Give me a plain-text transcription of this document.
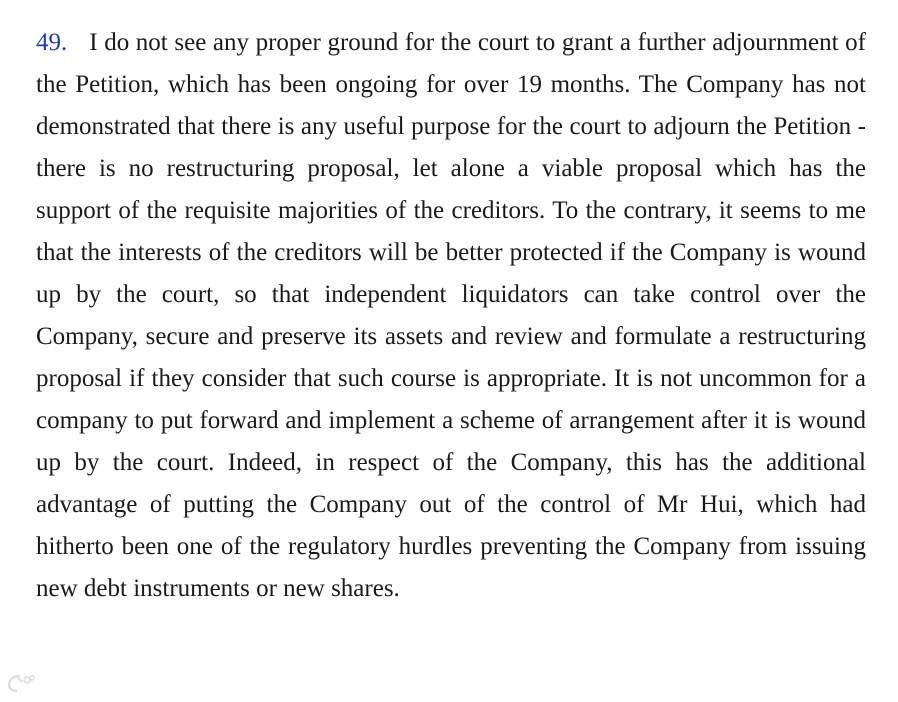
49. I do not see any proper ground for the court to grant a further adjournment of the Petition, which has been ongoing for over 19 months. The Company has not demonstrated that there is any useful purpose for the court to adjourn the Petition - there is no restructuring proposal, let alone a viable proposal which has the support of the requisite majorities of the creditors. To the contrary, it seems to me that the interests of the creditors will be better protected if the Company is wound up by the court, so that independent liquidators can take control over the Company, secure and preserve its assets and review and formulate a restructuring proposal if they consider that such course is appropriate. It is not uncommon for a company to put forward and implement a scheme of arrangement after it is wound up by the court. Indeed, in respect of the Company, this has the additional advantage of putting the Company out of the control of Mr Hui, which had hitherto been one of the regulatory hurdles preventing the Company from issuing new debt instruments or new shares.
